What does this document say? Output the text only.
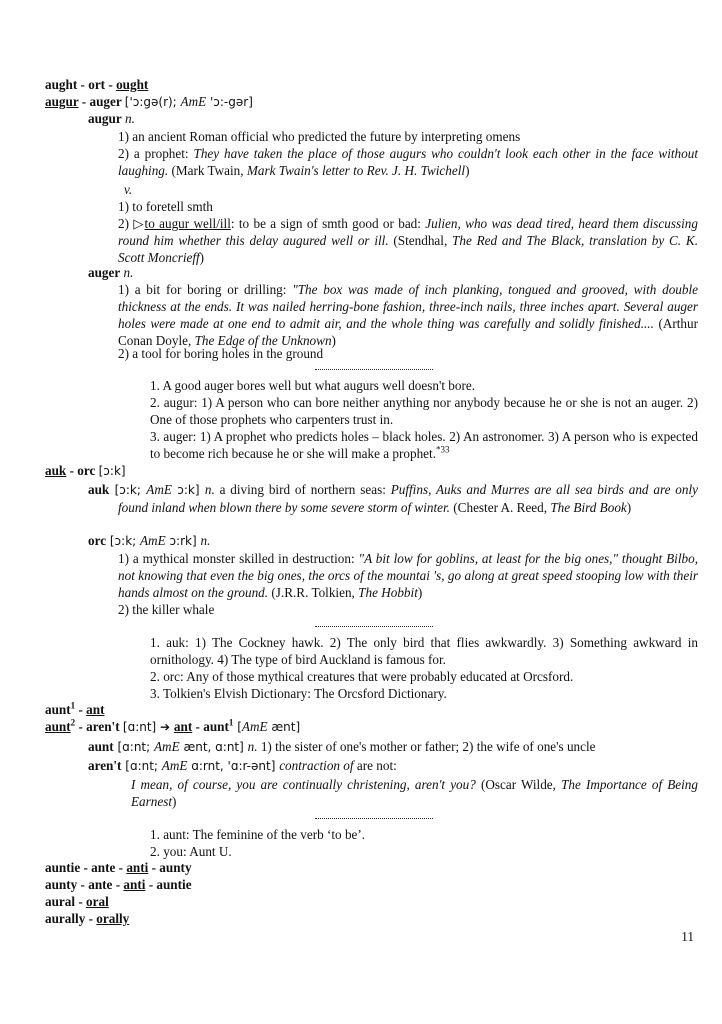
aught - ort - ought
augur - auger ['ɔ:gə(r); AmE 'ɔ:-gər]
augur n.
1) an ancient Roman official who predicted the future by interpreting omens
2) a prophet: They have taken the place of those augurs who couldn't look each other in the face without laughing. (Mark Twain, Mark Twain's letter to Rev. J. H. Twichell)
v.
1) to foretell smth
2) ▷to augur well/ill: to be a sign of smth good or bad: Julien, who was dead tired, heard them discussing round him whether this delay augured well or ill. (Stendhal, The Red and The Black, translation by C. K. Scott Moncrieff)
auger n.
1) a bit for boring or drilling: "The box was made of inch planking, tongued and grooved, with double thickness at the ends. It was nailed herring-bone fashion, three-inch nails, three inches apart. Several auger holes were made at one end to admit air, and the whole thing was carefully and solidly finished.... (Arthur Conan Doyle, The Edge of the Unknown)
2) a tool for boring holes in the ground
1. A good auger bores well but what augurs well doesn't bore.
2. augur: 1) A person who can bore neither anything nor anybody because he or she is not an auger. 2) One of those prophets who carpenters trust in.
3. auger: 1) A prophet who predicts holes – black holes. 2) An astronomer. 3) A person who is expected to become rich because he or she will make a prophet.$^{*33}$
auk - orc [ɔ:k]
auk [ɔ:k; AmE ɔ:k] n. a diving bird of northern seas: Puffins, Auks and Murres are all sea birds and are only found inland when blown there by some severe storm of winter. (Chester A. Reed, The Bird Book)
orc [ɔ:k; AmE ɔ:rk] n.
1) a mythical monster skilled in destruction: "A bit low for goblins, at least for the big ones," thought Bilbo, not knowing that even the big ones, the orcs of the mountai 's, go along at great speed stooping low with their hands almost on the ground. (J.R.R. Tolkien, The Hobbit)
2) the killer whale
1. auk: 1) The Cockney hawk. 2) The only bird that flies awkwardly. 3) Something awkward in ornithology. 4) The type of bird Auckland is famous for.
2. orc: Any of those mythical creatures that were probably educated at Orcsford.
3. Tolkien's Elvish Dictionary: The Orcsford Dictionary.
aunt$^1$ - ant
aunt$^2$ - aren't [ɑ:nt] ➔ ant - aunt$^1$ [AmE ænt]
aunt [ɑ:nt; AmE ænt, ɑ:nt] n. 1) the sister of one's mother or father; 2) the wife of one's uncle
aren't [ɑ:nt; AmE ɑ:rnt, 'ɑ:r-ənt] contraction of are not:
I mean, of course, you are continually christening, aren't you? (Oscar Wilde, The Importance of Being Earnest)
1. aunt: The feminine of the verb ‘to be’.
2. you: Aunt U.
auntie - ante - anti - aunty
aunty - ante - anti - auntie
aural - oral
aurally - orally
11
